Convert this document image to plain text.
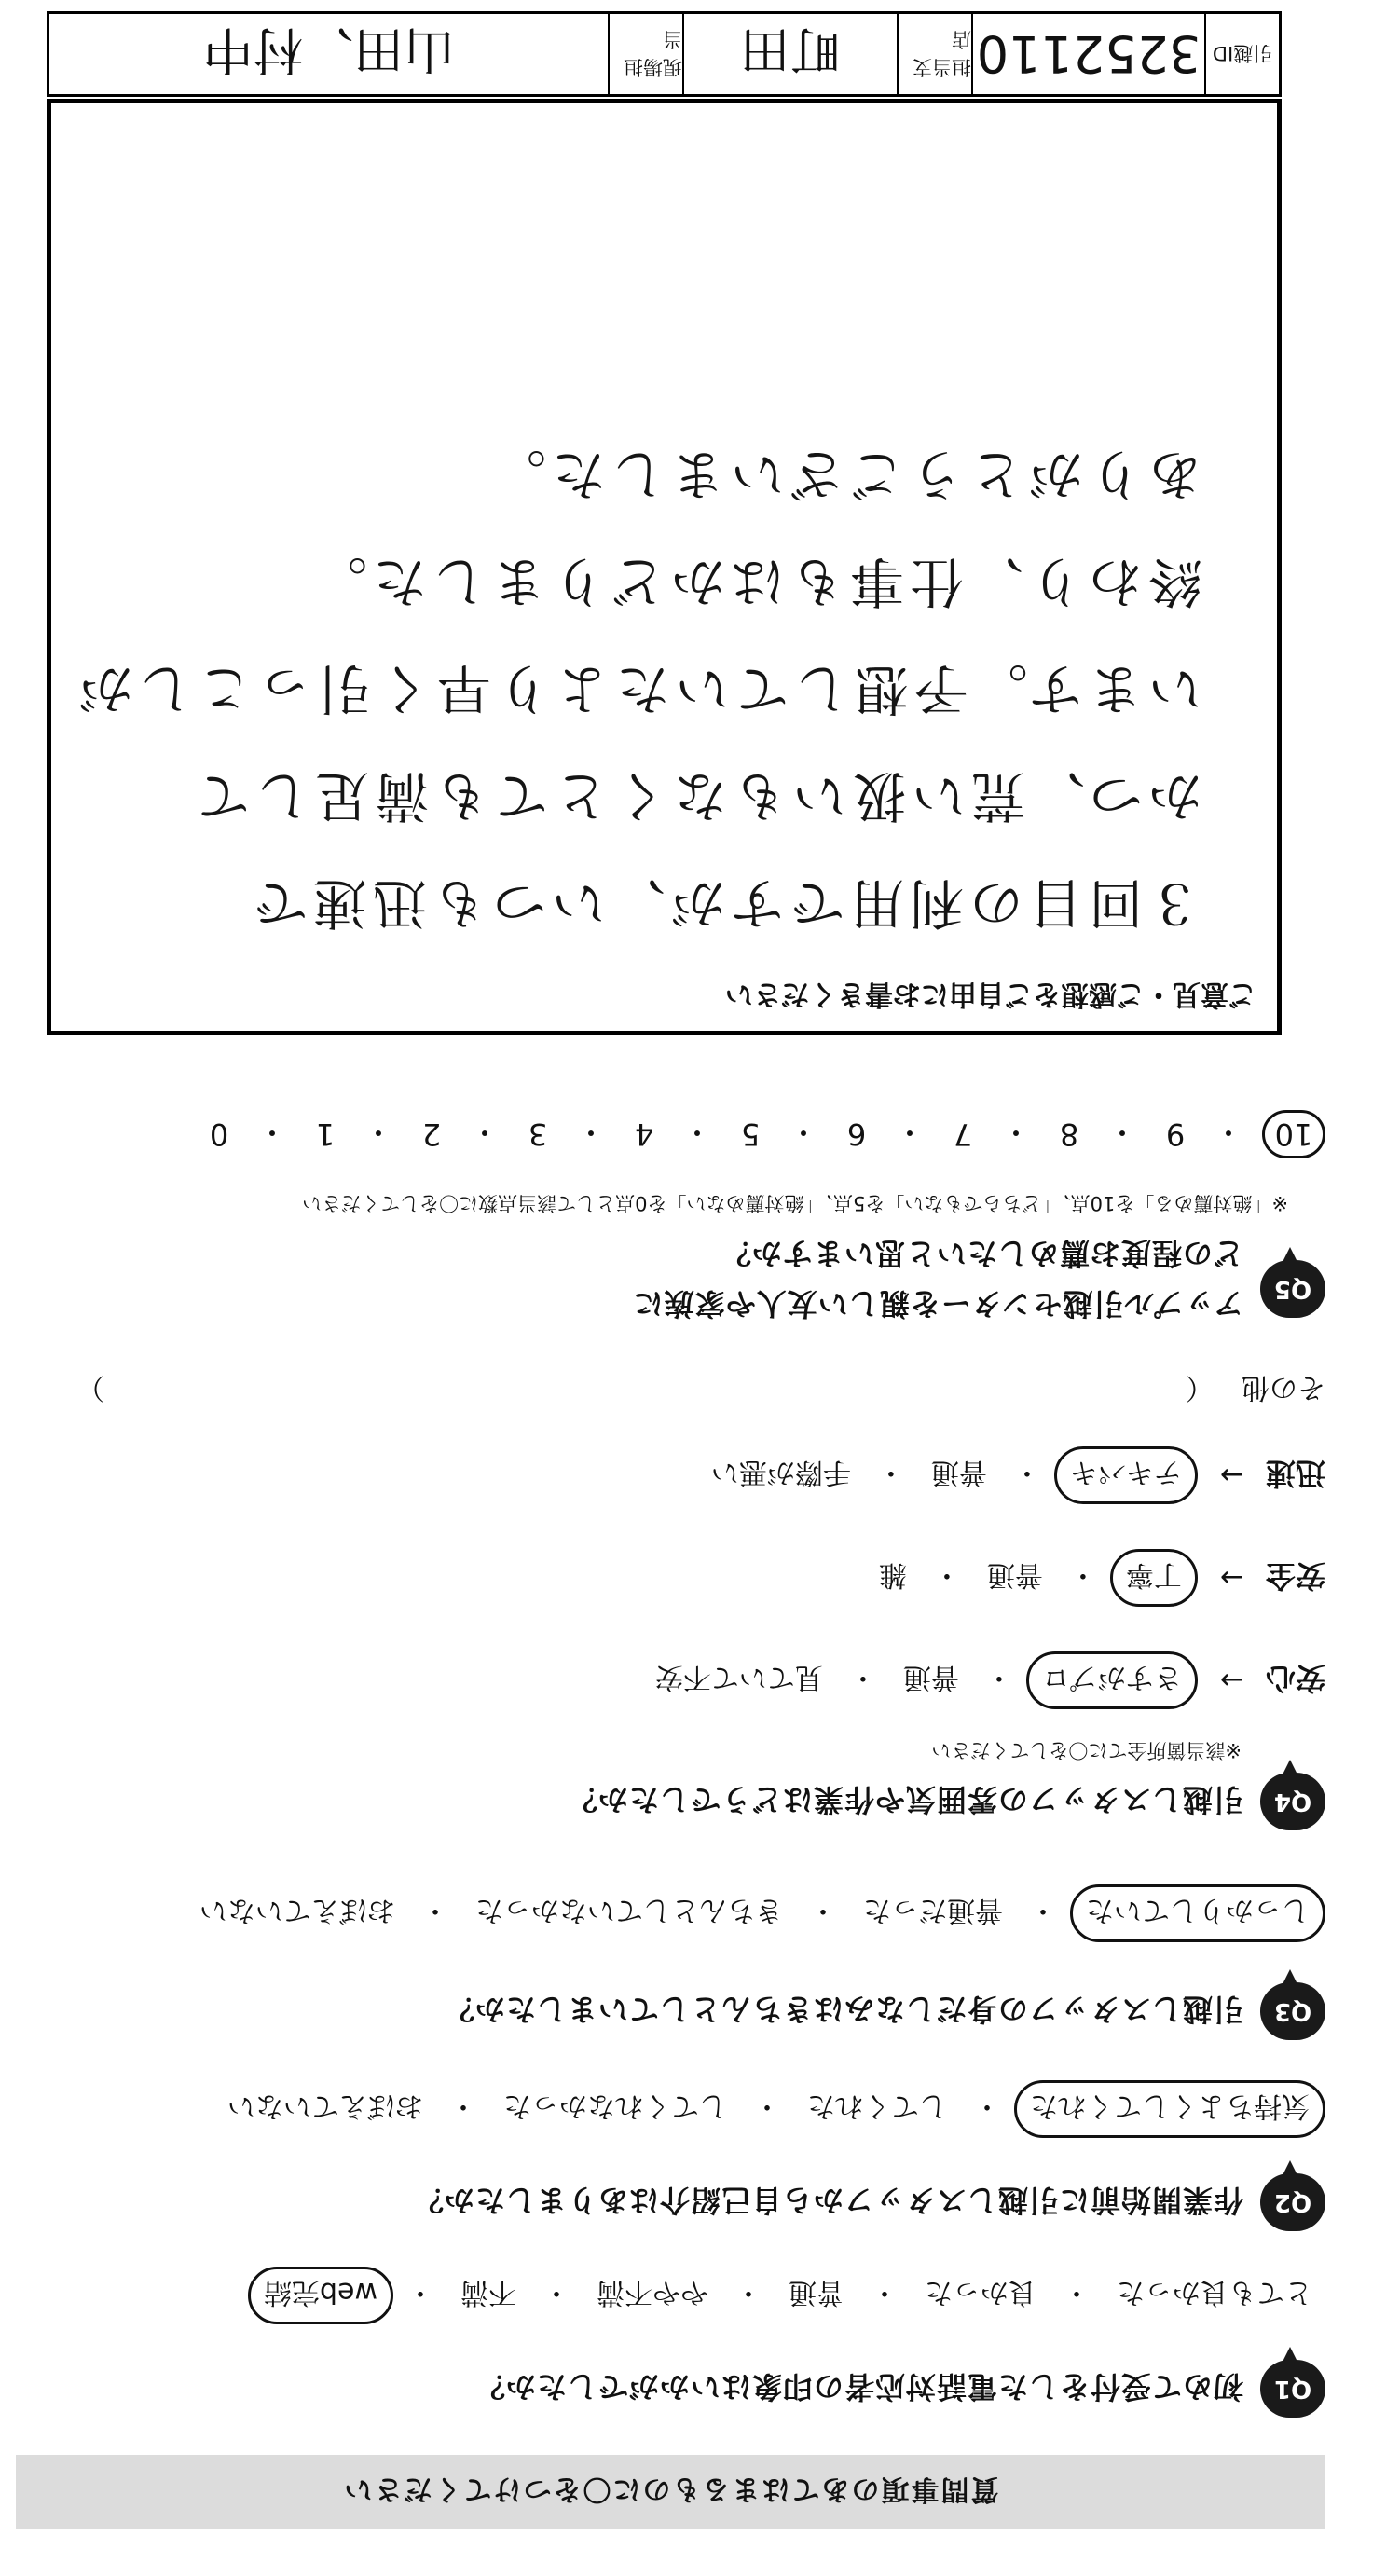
質問事項のあてはまるものに〇をつけてください
Q1
初めて受付をした電話対応者の印象はいかがでしたか？
とても良かった
・
良かった
・
普通
・
やや不満
・
不満
・
web完結
Q2
作業開始前に引越しスタッフから自己紹介はありましたか？
気持ちよくしてくれた
・
してくれた
・
してくれなかった
・
おぼえていない
Q3
引越しスタッフの身だしなみはきちんとしていましたか？
しっかりしていた
・
普通だった
・
きちんとしていなかった
・
おぼえていない
Q4
引越しスタッフの雰囲気や作業はどうでしたか？
※該当箇所全てに〇をしてください
安心
→
さすがプロ
・
普通
・
見ていて不安
安全
→
丁寧
・
普通
・
雑
迅速
→
テキパキ
・
普通
・
手際が悪い
その他
（
）
Q5
アップル引越センターを親しい友人や家族に
どの程度お薦めしたいと思いますか？
※「絶対薦める」を10点、「どちらでもない」を5点、「絶対薦めない」を0点として該当点数に〇をしてください
10
・
9
・
8
・
7
・
6
・
5
・
4
・
3
・
2
・
1
・
0
ご意見・ご感想をご自由にお書きください
３回目の利用ですが、いつも迅速で
かつ、荒い扱いもなくとても満足して
います。予想していたより早く引っこしが
終わり、仕事もはかどりました。
ありがとうございました。
引越ID
3252110
担当支店
町田
現場担当
山田、村中
